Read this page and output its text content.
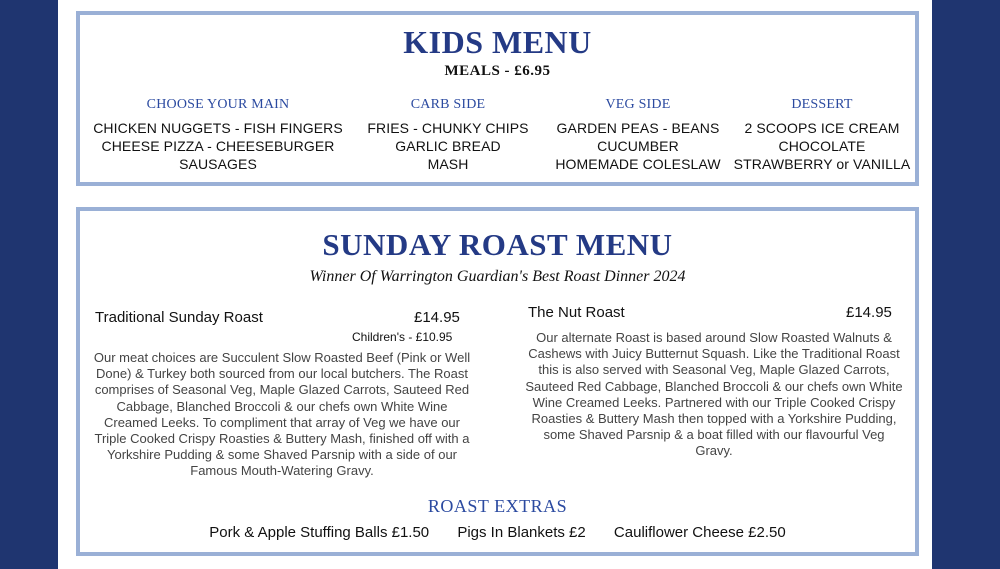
KIDS MENU
MEALS - £6.95
CHOOSE YOUR MAIN
CHICKEN NUGGETS - FISH FINGERS
CHEESE PIZZA - CHEESEBURGER
SAUSAGES
CARB SIDE
FRIES - CHUNKY CHIPS
GARLIC BREAD
MASH
VEG SIDE
GARDEN PEAS - BEANS
CUCUMBER
HOMEMADE COLESLAW
DESSERT
2 SCOOPS ICE CREAM
CHOCOLATE
STRAWBERRY or VANILLA
SUNDAY ROAST MENU
Winner Of Warrington Guardian's Best Roast Dinner 2024
Traditional Sunday Roast	£14.95
Children's - £10.95
Our meat choices are Succulent Slow Roasted Beef (Pink or Well Done) & Turkey both sourced from our local butchers. The Roast comprises of Seasonal Veg, Maple Glazed Carrots, Sauteed Red Cabbage, Blanched Broccoli & our chefs own White Wine Creamed Leeks. To compliment that array of Veg we have our Triple Cooked Crispy Roasties & Buttery Mash, finished off with a Yorkshire Pudding & some Shaved Parsnip with a side of our Famous Mouth-Watering Gravy.
The Nut Roast	£14.95
Our alternate Roast is based around Slow Roasted Walnuts & Cashews with Juicy Butternut Squash. Like the Traditional Roast this is also served with Seasonal Veg, Maple Glazed Carrots, Sauteed Red Cabbage, Blanched Broccoli & our chefs own White Wine Creamed Leeks. Partnered with our Triple Cooked Crispy Roasties & Buttery Mash then topped with a Yorkshire Pudding, some Shaved Parsnip & a boat filled with our flavourful Veg Gravy.
ROAST EXTRAS
Pork & Apple Stuffing Balls £1.50 Pigs In Blankets £2 Cauliflower Cheese £2.50
